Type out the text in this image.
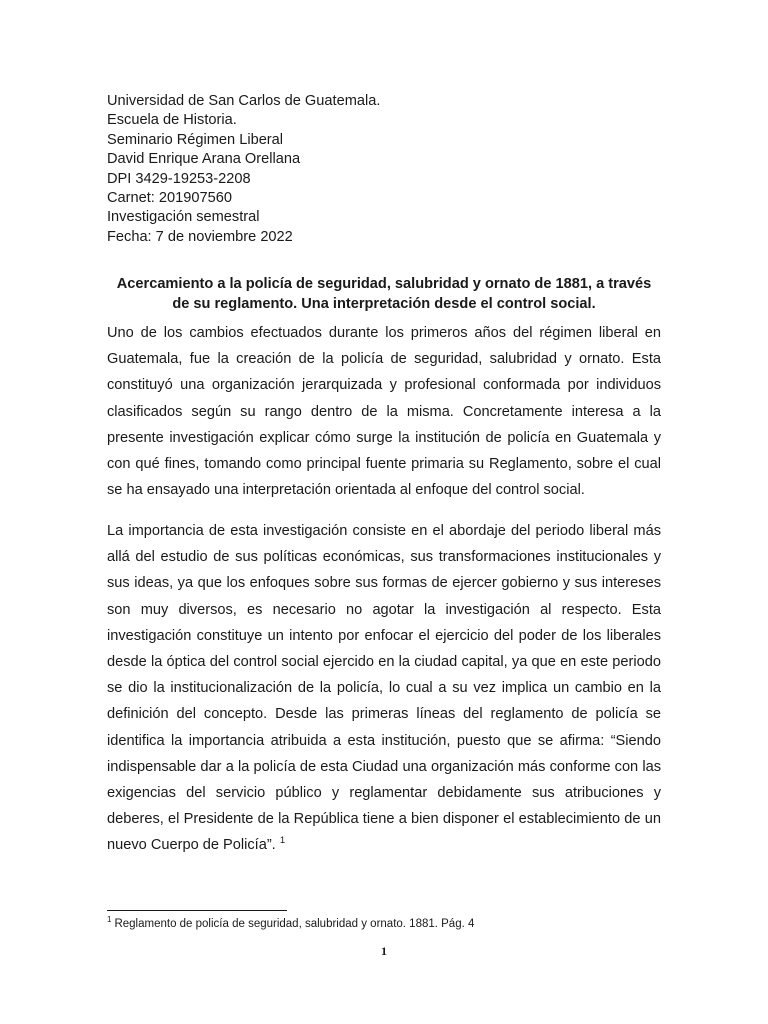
Universidad de San Carlos de Guatemala.
Escuela de Historia.
Seminario Régimen Liberal
David Enrique Arana Orellana
DPI 3429-19253-2208
Carnet: 201907560
Investigación semestral
Fecha: 7 de noviembre 2022
Acercamiento a la policía de seguridad, salubridad y ornato de 1881, a través
de su reglamento. Una interpretación desde el control social.

Uno de los cambios efectuados durante los primeros años del régimen liberal en Guatemala, fue la creación de la policía de seguridad, salubridad y ornato. Esta constituyó una organización jerarquizada y profesional conformada por individuos clasificados según su rango dentro de la misma. Concretamente interesa a la presente investigación explicar cómo surge la institución de policía en Guatemala y con qué fines, tomando como principal fuente primaria su Reglamento, sobre el cual se ha ensayado una interpretación orientada al enfoque del control social.

La importancia de esta investigación consiste en el abordaje del periodo liberal más allá del estudio de sus políticas económicas, sus transformaciones institucionales y sus ideas, ya que los enfoques sobre sus formas de ejercer gobierno y sus intereses son muy diversos, es necesario no agotar la investigación al respecto. Esta investigación constituye un intento por enfocar el ejercicio del poder de los liberales desde la óptica del control social ejercido en la ciudad capital, ya que en este periodo se dio la institucionalización de la policía, lo cual a su vez implica un cambio en la definición del concepto. Desde las primeras líneas del reglamento de policía se identifica la importancia atribuida a esta institución, puesto que se afirma: “Siendo indispensable dar a la policía de esta Ciudad una organización más conforme con las exigencias del servicio público y reglamentar debidamente sus atribuciones y deberes, el Presidente de la República tiene a bien disponer el establecimiento de un nuevo Cuerpo de Policía”. $^1$

$^1$ Reglamento de policía de seguridad, salubridad y ornato. 1881. Pág. 4
1
